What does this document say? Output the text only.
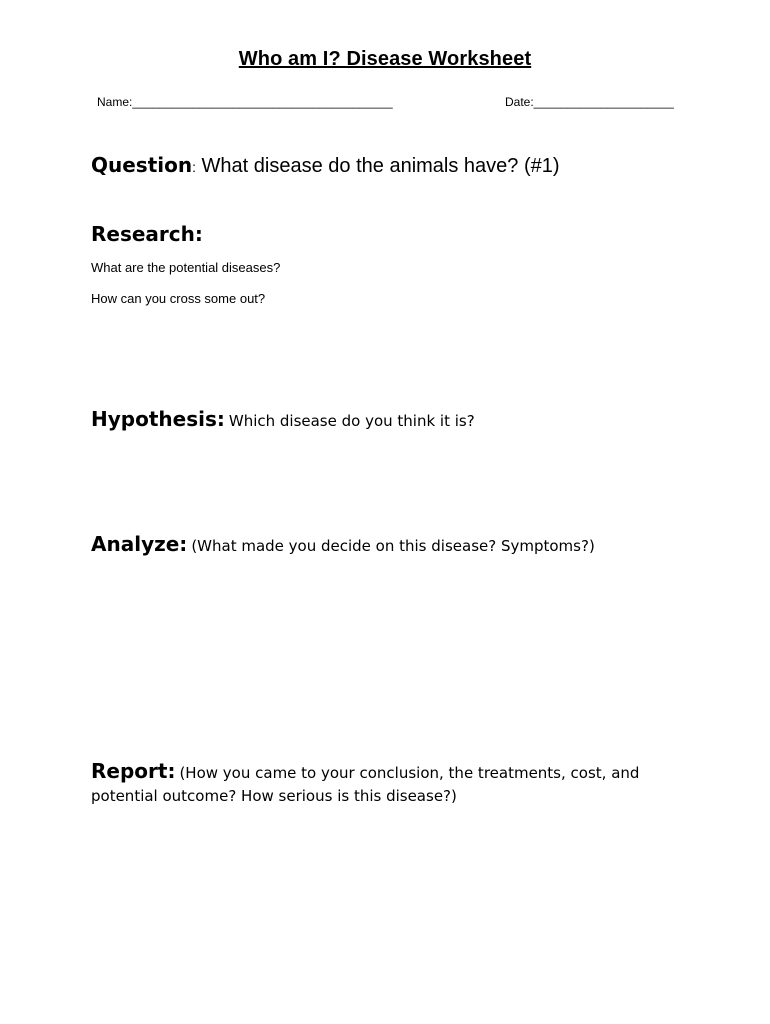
Who am I? Disease Worksheet
Name:_______________________________________	Date:_____________________
Question: What disease do the animals have? (#1)
Research:
What are the potential diseases?
How can you cross some out?
Hypothesis: Which disease do you think it is?
Analyze: (What made you decide on this disease? Symptoms?)
Report: (How you came to your conclusion, the treatments, cost, and potential outcome? How serious is this disease?)
